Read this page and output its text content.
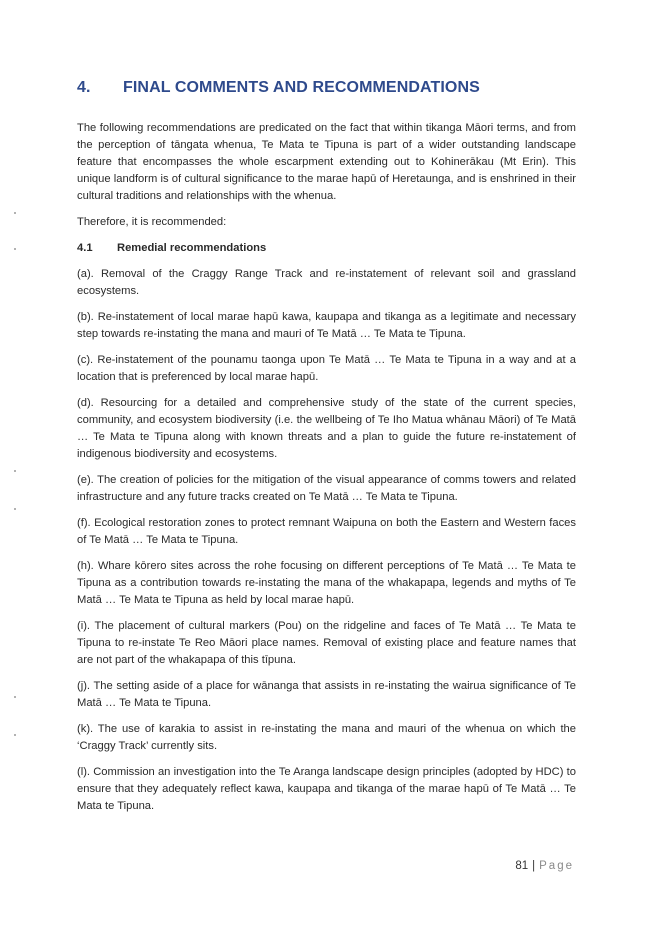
4. FINAL COMMENTS AND RECOMMENDATIONS

The following recommendations are predicated on the fact that within tikanga Māori terms, and from the perception of tāngata whenua, Te Mata te Tipuna is part of a wider outstanding landscape feature that encompasses the whole escarpment extending out to Kohinerākau (Mt Erin). This unique landform is of cultural significance to the marae hapū of Heretaunga, and is enshrined in their cultural traditions and relationships with the whenua.

Therefore, it is recommended:

4.1 Remedial recommendations

(a). Removal of the Craggy Range Track and re-instatement of relevant soil and grassland ecosystems.

(b). Re-instatement of local marae hapū kawa, kaupapa and tikanga as a legitimate and necessary step towards re-instating the mana and mauri of Te Matā … Te Mata te Tipuna.

(c). Re-instatement of the pounamu taonga upon Te Matā … Te Mata te Tipuna in a way and at a location that is preferenced by local marae hapū.

(d). Resourcing for a detailed and comprehensive study of the state of the current species, community, and ecosystem biodiversity (i.e. the wellbeing of Te Iho Matua whānau Māori) of Te Matā … Te Mata te Tipuna along with known threats and a plan to guide the future re-instatement of indigenous biodiversity and ecosystems.

(e). The creation of policies for the mitigation of the visual appearance of comms towers and related infrastructure and any future tracks created on Te Matā … Te Mata te Tipuna.

(f). Ecological restoration zones to protect remnant Waipuna on both the Eastern and Western faces of Te Matā … Te Mata te Tipuna.

(h). Whare kōrero sites across the rohe focusing on different perceptions of Te Matā … Te Mata te Tipuna as a contribution towards re-instating the mana of the whakapapa, legends and myths of Te Matā … Te Mata te Tipuna as held by local marae hapū.

(i). The placement of cultural markers (Pou) on the ridgeline and faces of Te Matā … Te Mata te Tipuna to re-instate Te Reo Māori place names. Removal of existing place and feature names that are not part of the whakapapa of this tīpuna.

(j). The setting aside of a place for wānanga that assists in re-instating the wairua significance of Te Matā … Te Mata te Tipuna.

(k). The use of karakia to assist in re-instating the mana and mauri of the whenua on which the ‘Craggy Track’ currently sits.

(l). Commission an investigation into the Te Aranga landscape design principles (adopted by HDC) to ensure that they adequately reflect kawa, kaupapa and tikanga of the marae hapū of Te Matā … Te Mata te Tipuna.

81 | Page
